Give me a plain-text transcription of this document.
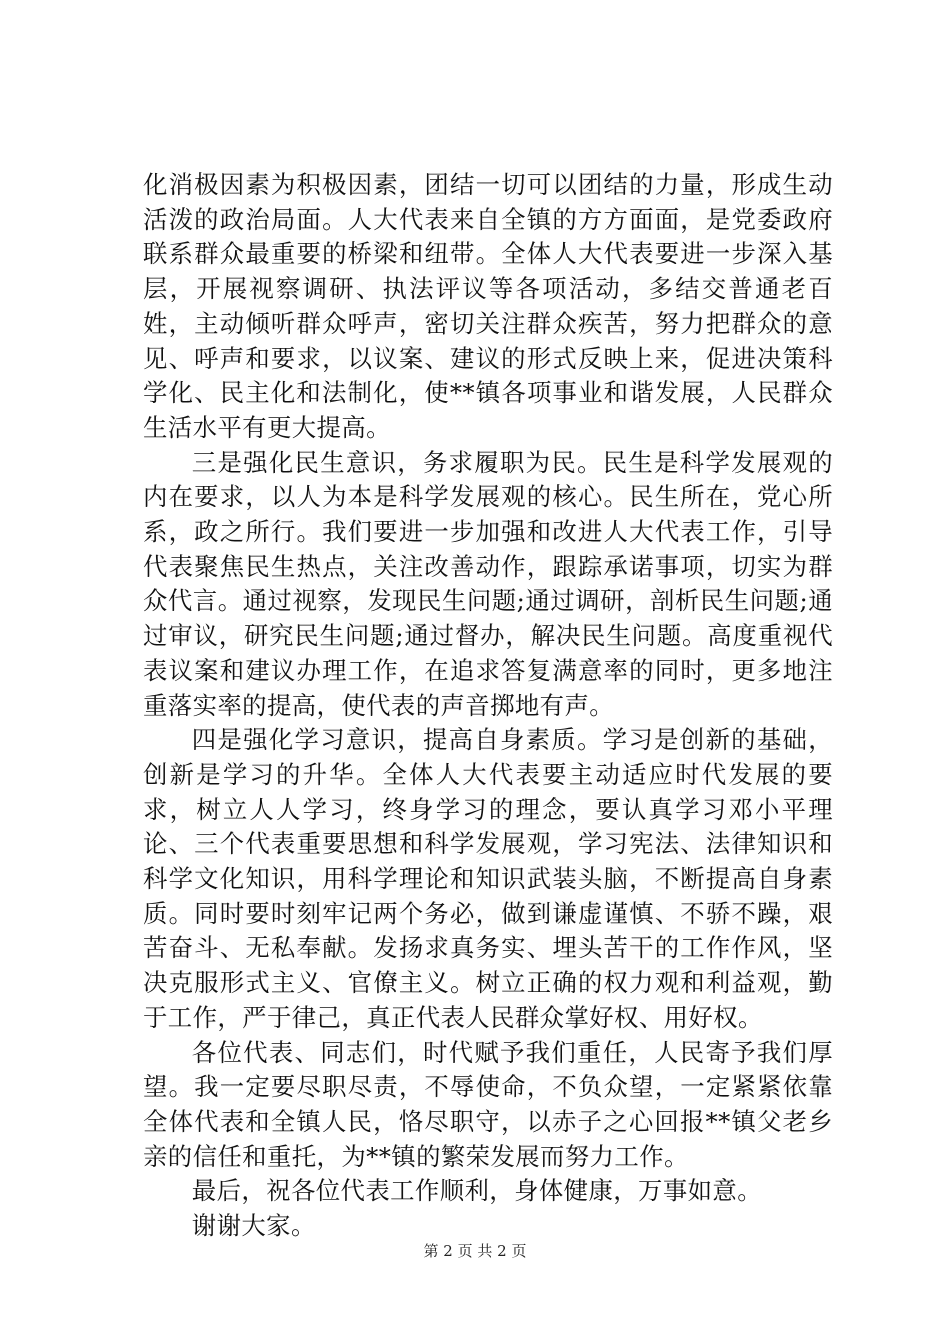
化消极因素为积极因素，团结一切可以团结的力量，形成生动活泼的政治局面。人大代表来自全镇的方方面面，是党委政府联系群众最重要的桥梁和纽带。全体人大代表要进一步深入基层，开展视察调研、执法评议等各项活动，多结交普通老百姓，主动倾听群众呼声，密切关注群众疾苦，努力把群众的意见、呼声和要求，以议案、建议的形式反映上来，促进决策科学化、民主化和法制化，使**镇各项事业和谐发展，人民群众生活水平有更大提高。

三是强化民生意识，务求履职为民。民生是科学发展观的内在要求，以人为本是科学发展观的核心。民生所在，党心所系，政之所行。我们要进一步加强和改进人大代表工作，引导代表聚焦民生热点，关注改善动作，跟踪承诺事项，切实为群众代言。通过视察，发现民生问题;通过调研，剖析民生问题;通过审议，研究民生问题;通过督办，解决民生问题。高度重视代表议案和建议办理工作，在追求答复满意率的同时，更多地注重落实率的提高，使代表的声音掷地有声。

四是强化学习意识，提高自身素质。学习是创新的基础，创新是学习的升华。全体人大代表要主动适应时代发展的要求，树立人人学习，终身学习的理念，要认真学习邓小平理论、三个代表重要思想和科学发展观，学习宪法、法律知识和科学文化知识，用科学理论和知识武装头脑，不断提高自身素质。同时要时刻牢记两个务必，做到谦虚谨慎、不骄不躁，艰苦奋斗、无私奉献。发扬求真务实、埋头苦干的工作作风，坚决克服形式主义、官僚主义。树立正确的权力观和利益观，勤于工作，严于律己，真正代表人民群众掌好权、用好权。

各位代表、同志们，时代赋予我们重任，人民寄予我们厚望。我一定要尽职尽责，不辱使命，不负众望，一定紧紧依靠全体代表和全镇人民，恪尽职守，以赤子之心回报**镇父老乡亲的信任和重托，为**镇的繁荣发展而努力工作。

最后，祝各位代表工作顺利，身体健康，万事如意。

谢谢大家。

第 2 页 共 2 页
